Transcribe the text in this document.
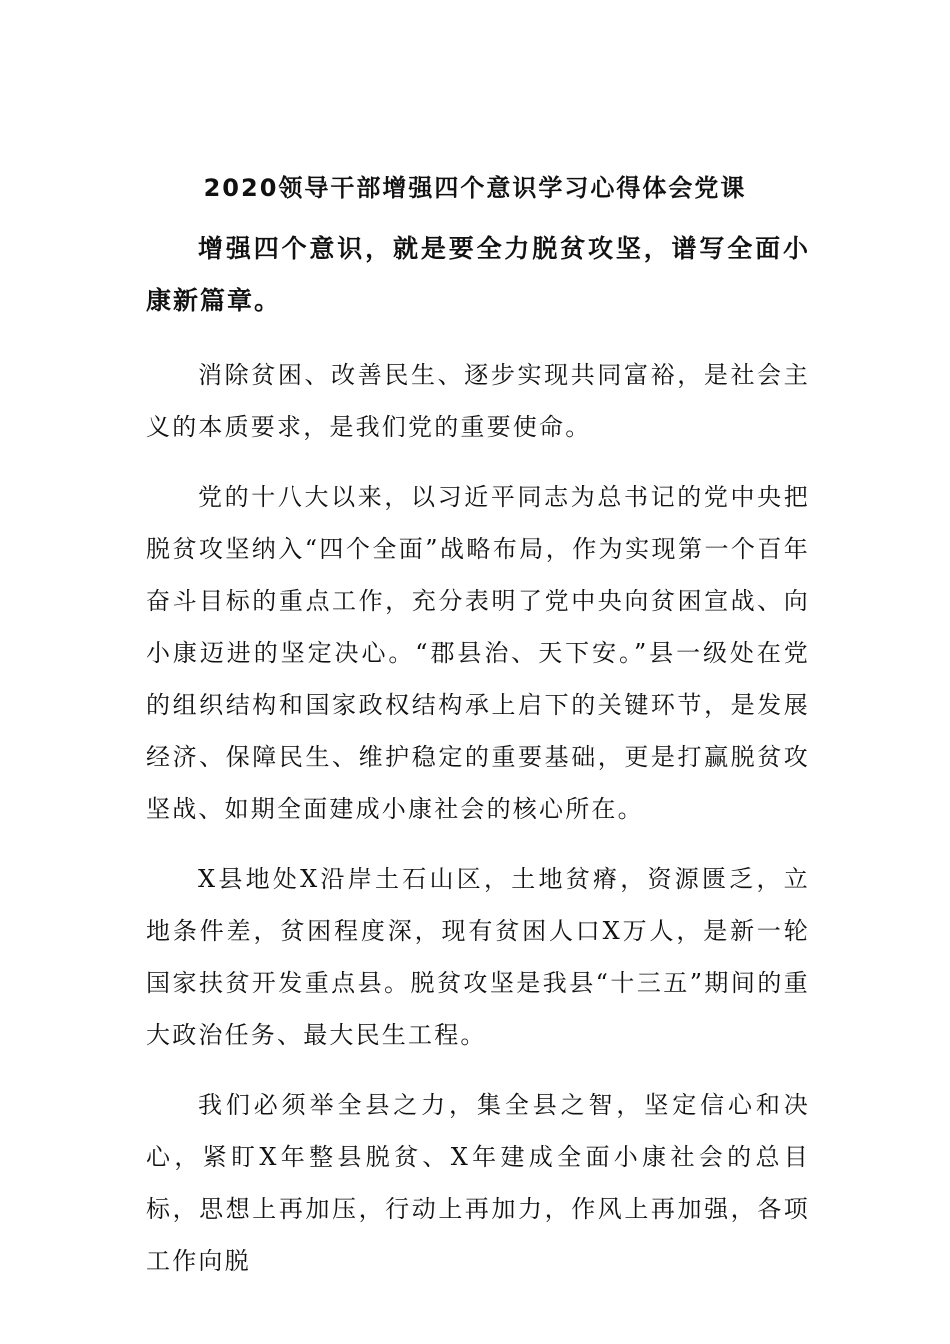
2020领导干部增强四个意识学习心得体会党课

增强四个意识，就是要全力脱贫攻坚，谱写全面小康新篇章。

消除贫困、改善民生、逐步实现共同富裕，是社会主义的本质要求，是我们党的重要使命。

党的十八大以来，以习近平同志为总书记的党中央把脱贫攻坚纳入“四个全面”战略布局，作为实现第一个百年奋斗目标的重点工作，充分表明了党中央向贫困宣战、向小康迈进的坚定决心。“郡县治、天下安。”县一级处在党的组织结构和国家政权结构承上启下的关键环节，是发展经济、保障民生、维护稳定的重要基础，更是打赢脱贫攻坚战、如期全面建成小康社会的核心所在。

X县地处X沿岸土石山区，土地贫瘠，资源匮乏，立地条件差，贫困程度深，现有贫困人口X万人，是新一轮国家扶贫开发重点县。脱贫攻坚是我县“十三五”期间的重大政治任务、最大民生工程。

我们必须举全县之力，集全县之智，坚定信心和决心，紧盯X年整县脱贫、X年建成全面小康社会的总目标，思想上再加压，行动上再加力，作风上再加强，各项工作向脱
